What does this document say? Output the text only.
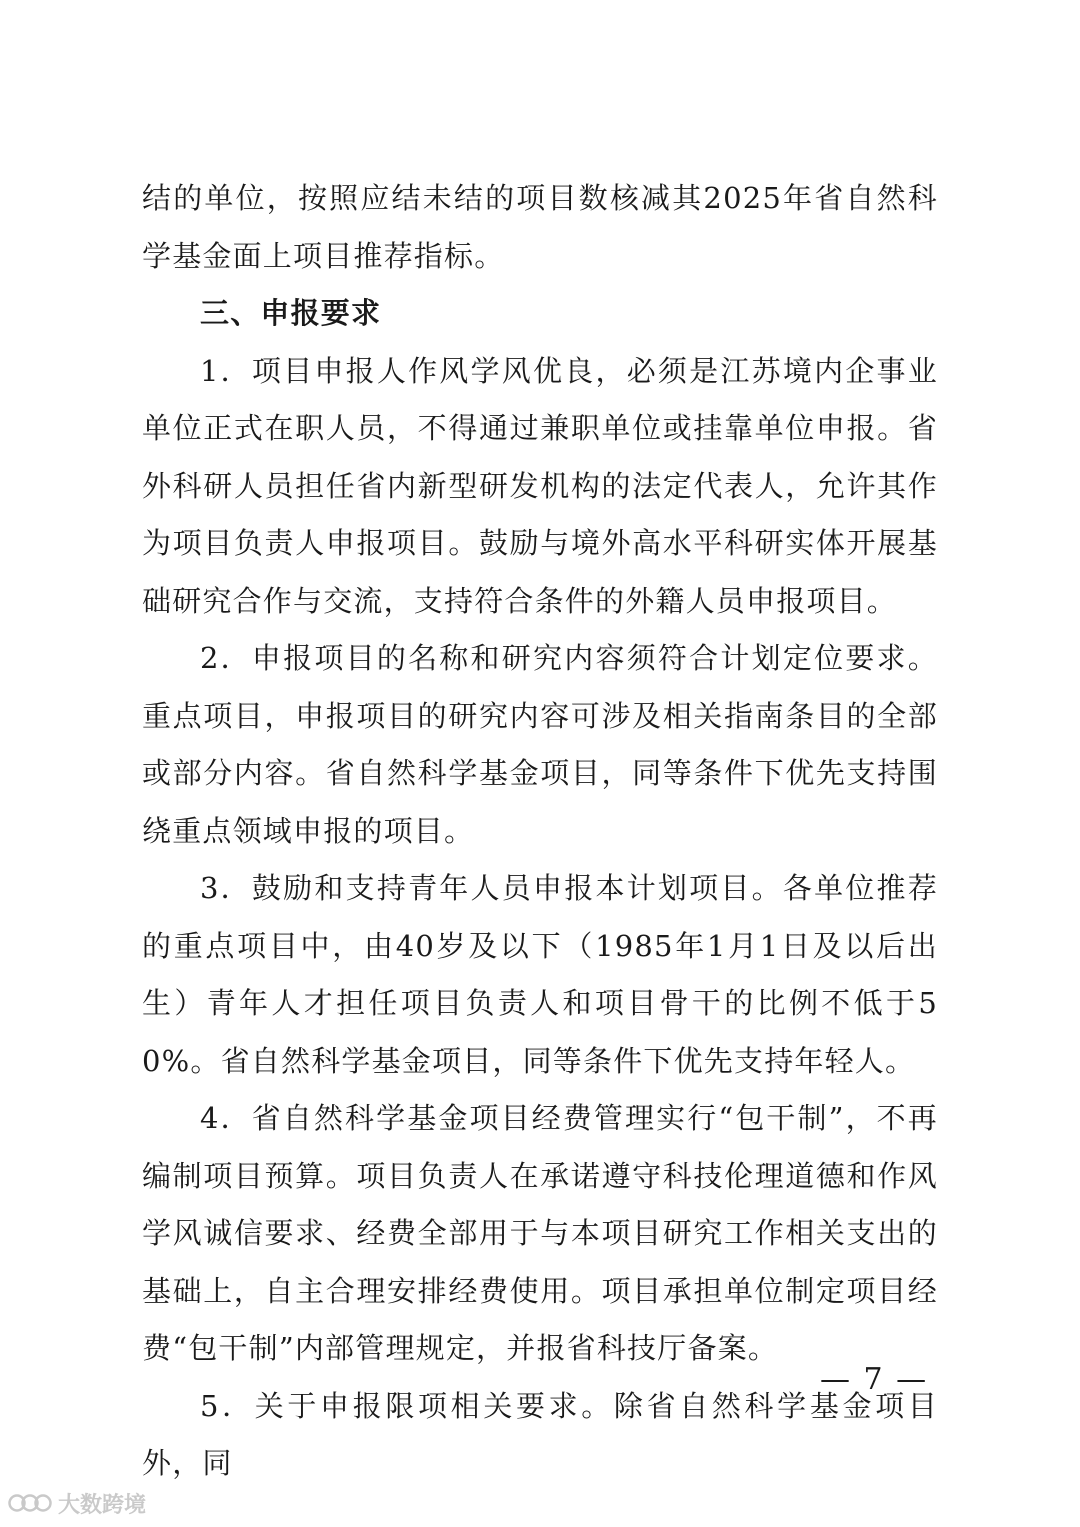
结的单位，按照应结未结的项目数核减其2025年省自然科学基金面上项目推荐指标。

三、申报要求

1．项目申报人作风学风优良，必须是江苏境内企事业单位正式在职人员，不得通过兼职单位或挂靠单位申报。省外科研人员担任省内新型研发机构的法定代表人，允许其作为项目负责人申报项目。鼓励与境外高水平科研实体开展基础研究合作与交流，支持符合条件的外籍人员申报项目。

2．申报项目的名称和研究内容须符合计划定位要求。重点项目，申报项目的研究内容可涉及相关指南条目的全部或部分内容。省自然科学基金项目，同等条件下优先支持围绕重点领域申报的项目。

3．鼓励和支持青年人员申报本计划项目。各单位推荐的重点项目中，由40岁及以下（1985年1月1日及以后出生）青年人才担任项目负责人和项目骨干的比例不低于50%。省自然科学基金项目，同等条件下优先支持年轻人。

4．省自然科学基金项目经费管理实行“包干制”，不再编制项目预算。项目负责人在承诺遵守科技伦理道德和作风学风诚信要求、经费全部用于与本项目研究工作相关支出的基础上，自主合理安排经费使用。项目承担单位制定项目经费“包干制”内部管理规定，并报省科技厅备案。

5．关于申报限项相关要求。除省自然科学基金项目外，同

— 7 —
大数跨境
